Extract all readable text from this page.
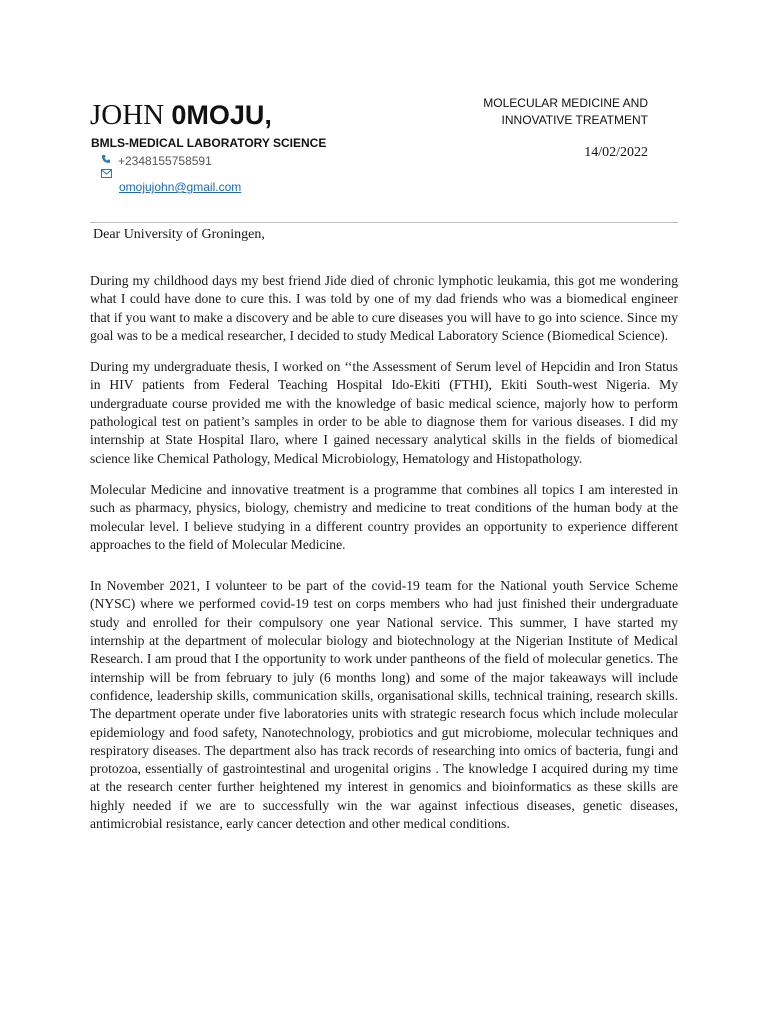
JOHN 0MOJU,
BMLS-MEDICAL LABORATORY SCIENCE
+2348155758591
omojujohn@gmail.com
MOLECULAR MEDICINE AND
INNOVATIVE TREATMENT
14/02/2022
Dear University of Groningen,

During my childhood days my best friend Jide died of chronic lymphotic leukamia, this got me wondering what I could have done to cure this. I was told by one of my dad friends who was a biomedical engineer that if you want to make a discovery and be able to cure diseases you will have to go into science. Since my goal was to be a medical researcher, I decided to study Medical Laboratory Science (Biomedical Science).

During my undergraduate thesis, I worked on ‘‘the Assessment of Serum level of Hepcidin and Iron Status in HIV patients from Federal Teaching Hospital Ido-Ekiti (FTHI), Ekiti South-west Nigeria. My undergraduate course provided me with the knowledge of basic medical science, majorly how to perform pathological test on patient’s samples in order to be able to diagnose them for various diseases. I did my internship at State Hospital Ilaro, where I gained necessary analytical skills in the fields of biomedical science like Chemical Pathology, Medical Microbiology, Hematology and Histopathology.

Molecular Medicine and innovative treatment is a programme that combines all topics I am interested in such as pharmacy, physics, biology, chemistry and medicine to treat conditions of the human body at the molecular level. I believe studying in a different country provides an opportunity to experience different approaches to the field of Molecular Medicine.

In November 2021, I volunteer to be part of the covid-19 team for the National youth Service Scheme (NYSC) where we performed covid-19 test on corps members who had just finished their undergraduate study and enrolled for their compulsory one year National service. This summer, I have started my internship at the department of molecular biology and biotechnology at the Nigerian Institute of Medical Research. I am proud that I the opportunity to work under pantheons of the field of molecular genetics. The internship will be from february to july (6 months long) and some of the major takeaways will include confidence, leadership skills, communication skills, organisational skills, technical training, research skills. The department operate under five laboratories units with strategic research focus which include molecular epidemiology and food safety, Nanotechnology, probiotics and gut microbiome, molecular techniques and respiratory diseases. The department also has track records of researching into omics of bacteria, fungi and protozoa, essentially of gastrointestinal and urogenital origins . The knowledge I acquired during my time at the research center further heightened my interest in genomics and bioinformatics as these skills are highly needed if we are to successfully win the war against infectious diseases, genetic diseases, antimicrobial resistance, early cancer detection and other medical conditions.
